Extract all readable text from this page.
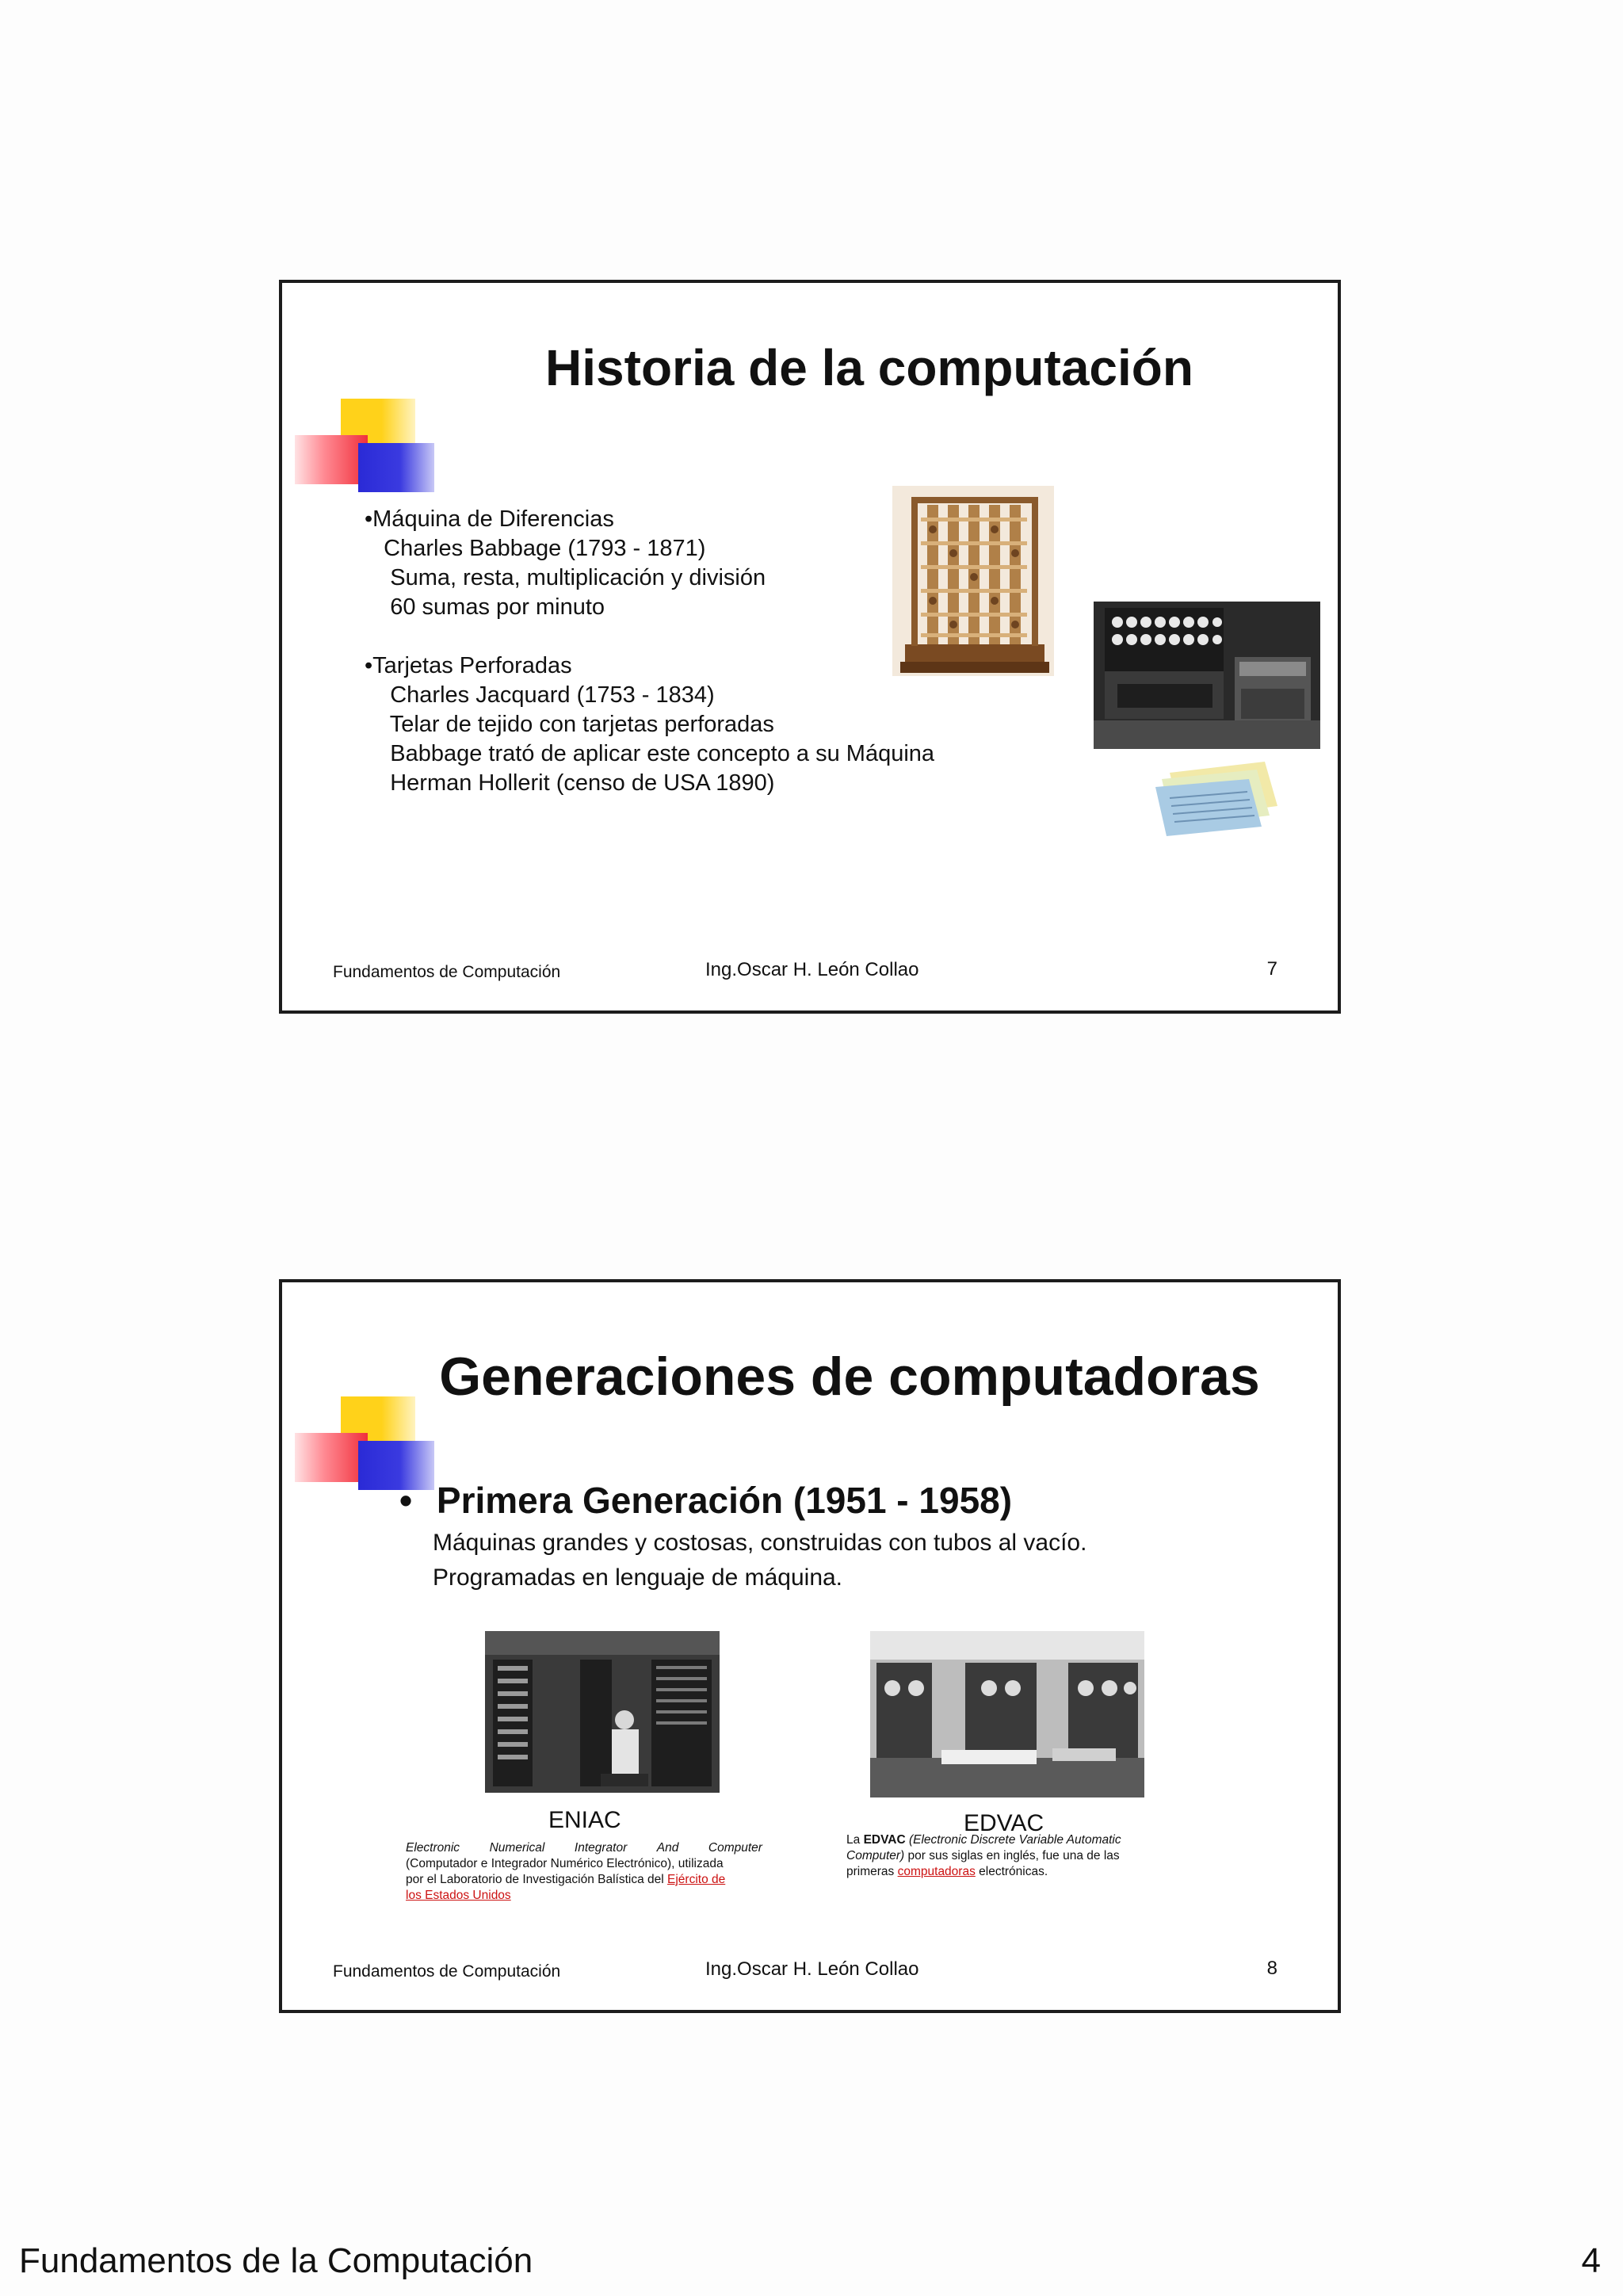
Historia de la computación
•Máquina de Diferencias
Charles Babbage (1793 - 1871)
Suma, resta, multiplicación y división
60 sumas por minuto
•Tarjetas Perforadas
Charles Jacquard (1753 - 1834)
Telar de tejido con tarjetas perforadas
Babbage trató de aplicar este concepto a su Máquina
Herman Hollerit (censo de USA 1890)
Fundamentos de Computación	Ing.Oscar H. León Collao	7
Generaciones de computadoras
• Primera Generación (1951 - 1958)
Máquinas grandes y costosas, construidas con tubos al vacío.
Programadas en lenguaje de máquina.
ENIAC	EDVAC
Electronic Numerical Integrator And Computer
(Computador e Integrador Numérico Electrónico), utilizada
por el Laboratorio de Investigación Balística del Ejército de
los Estados Unidos
La EDVAC (Electronic Discrete Variable Automatic Computer) por sus siglas en inglés, fue una de las primeras computadoras electrónicas.
Fundamentos de Computación	Ing.Oscar H. León Collao	8
Fundamentos de la Computación	4
